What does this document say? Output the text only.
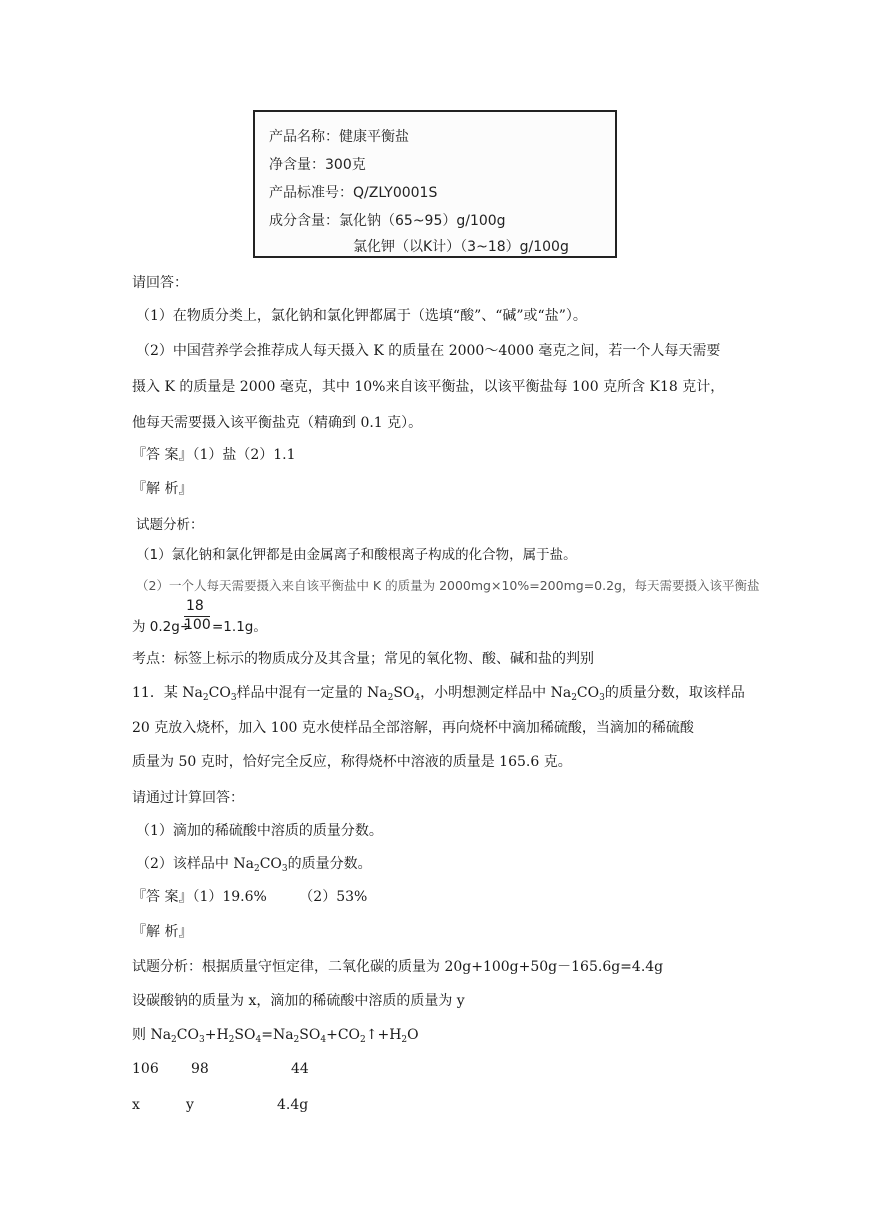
产品名称：健康平衡盐
净含量：300克
产品标准号：Q/ZLY0001S
成分含量：氯化钠（65~95）g/100g
氯化钾（以K计）（3~18）g/100g
请回答：
（1）在物质分类上，氯化钠和氯化钾都属于（选填“酸”、“碱”或“盐”）。
（2）中国营养学会推荐成人每天摄入 K 的质量在 2000～4000 毫克之间，若一个人每天需要
摄入 K 的质量是 2000 毫克，其中 10%来自该平衡盐，以该平衡盐每 100 克所含 K18 克计，
他每天需要摄入该平衡盐克（精确到 0.1 克）。
『答 案』（1）盐（2）1.1
『解 析』
试题分析：
（1）氯化钠和氯化钾都是由金属离子和酸根离子构成的化合物，属于盐。
（2）一个人每天需要摄入来自该平衡盐中 K 的质量为 2000mg×10%=200mg=0.2g，每天需要摄入该平衡盐
为 0.2g÷
18
100 =1.1g。
考点：标签上标示的物质成分及其含量；常见的氧化物、酸、碱和盐的判别
11．某 $Na_2CO_3$样品中混有一定量的 $Na_2SO_4$，小明想测定样品中 $Na_2CO_3$的质量分数，取该样品
20 克放入烧杯，加入 100 克水使样品全部溶解，再向烧杯中滴加稀硫酸，当滴加的稀硫酸
质量为 50 克时，恰好完全反应，称得烧杯中溶液的质量是 165.6 克。
请通过计算回答：
（1）滴加的稀硫酸中溶质的质量分数。
（2）该样品中 $Na_2CO_3$的质量分数。
『答 案』（1）19.6%　　 （2）53%
『解 析』
试题分析：根据质量守恒定律，二氧化碳的质量为 20g+100g+50g－165.6g=4.4g
设碳酸钠的质量为 x，滴加的稀硫酸中溶质的质量为 y
则 $Na_2CO_3+H_2SO_4=Na_2SO_4+CO_2↑+H_2O$
106 98	44
x	y	4.4g
